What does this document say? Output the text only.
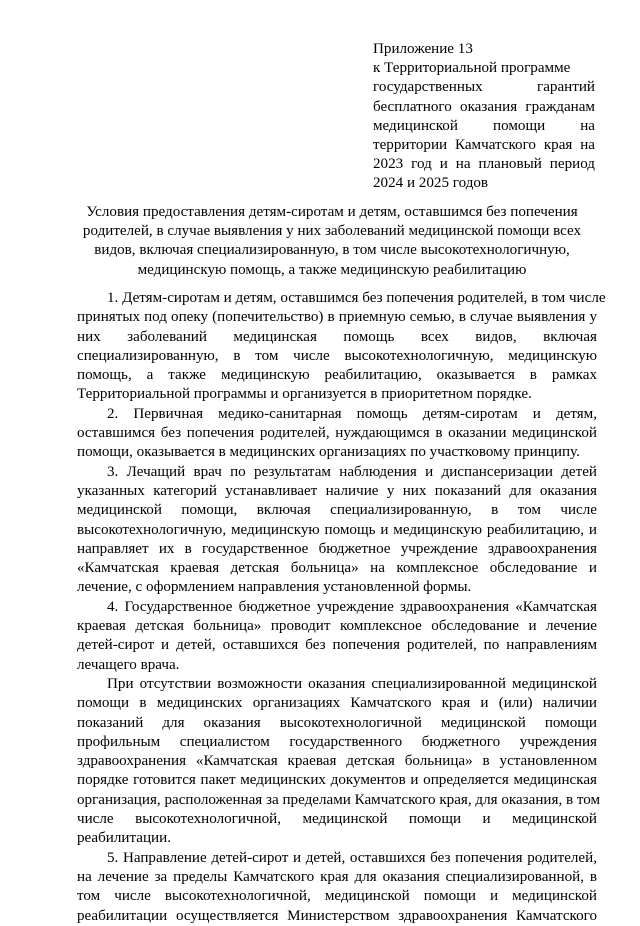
Приложение 13
к Территориальной программе
государственных гарантий
бесплатного оказания гражданам
медицинской помощи на
территории Камчатского края на
2023 год и на плановый период
2024 и 2025 годов
Условия предоставления детям-сиротам и детям, оставшимся без попечения
родителей, в случае выявления у них заболеваний медицинской помощи всех
видов, включая специализированную, в том числе высокотехнологичную,
медицинскую помощь, а также медицинскую реабилитацию
1. Детям-сиротам и детям, оставшимся без попечения родителей, в том числе
принятых под опеку (попечительство) в приемную семью, в случае выявления у
них заболеваний медицинская помощь всех видов, включая
специализированную, в том числе высокотехнологичную, медицинскую
помощь, а также медицинскую реабилитацию, оказывается в рамках
Территориальной программы и организуется в приоритетном порядке.
2. Первичная медико-санитарная помощь детям-сиротам и детям,
оставшимся без попечения родителей, нуждающимся в оказании медицинской
помощи, оказывается в медицинских организациях по участковому принципу.
3. Лечащий врач по результатам наблюдения и диспансеризации детей
указанных категорий устанавливает наличие у них показаний для оказания
медицинской помощи, включая специализированную, в том числе
высокотехнологичную, медицинскую помощь и медицинскую реабилитацию, и
направляет их в государственное бюджетное учреждение здравоохранения
«Камчатская краевая детская больница» на комплексное обследование и
лечение, с оформлением направления установленной формы.
4. Государственное бюджетное учреждение здравоохранения «Камчатская
краевая детская больница» проводит комплексное обследование и лечение
детей-сирот и детей, оставшихся без попечения родителей, по направлениям
лечащего врача.
При отсутствии возможности оказания специализированной медицинской
помощи в медицинских организациях Камчатского края и (или) наличии
показаний для оказания высокотехнологичной медицинской помощи
профильным специалистом государственного бюджетного учреждения
здравоохранения «Камчатская краевая детская больница» в установленном
порядке готовится пакет медицинских документов и определяется медицинская
организация, расположенная за пределами Камчатского края, для оказания, в том
числе высокотехнологичной, медицинской помощи и медицинской
реабилитации.
5. Направление детей-сирот и детей, оставшихся без попечения родителей,
на лечение за пределы Камчатского края для оказания специализированной, в
том числе высокотехнологичной, медицинской помощи и медицинской
реабилитации осуществляется Министерством здравоохранения Камчатского
